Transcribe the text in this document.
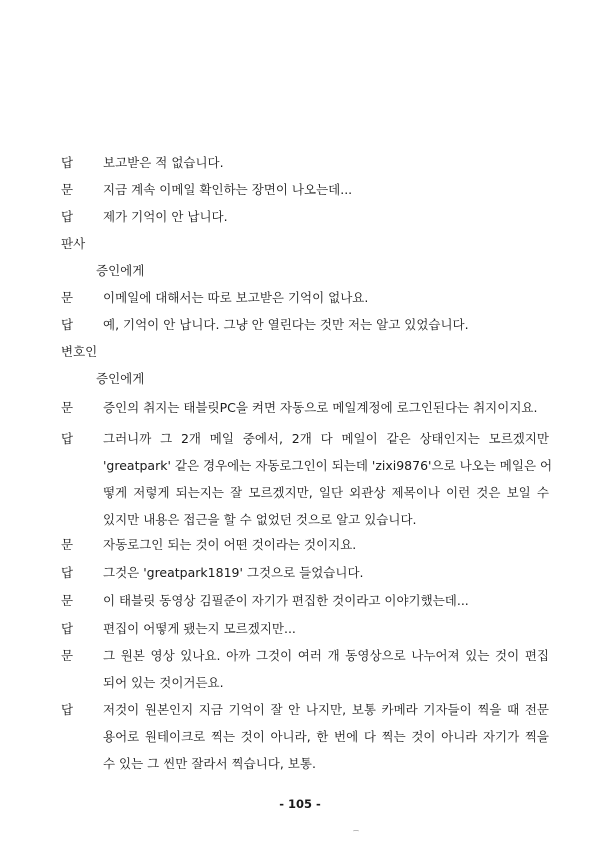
답 보고받은 적 없습니다.
문 지금 계속 이메일 확인하는 장면이 나오는데...
답 제가 기억이 안 납니다.
판사
증인에게
문 이메일에 대해서는 따로 보고받은 기억이 없나요.
답 예, 기억이 안 납니다. 그냥 안 열린다는 것만 저는 알고 있었습니다.
변호인
증인에게
문 증인의 취지는 태블릿PC을 켜면 자동으로 메일계정에 로그인된다는 취지이지요.
답 그러니까 그 2개 메일 중에서, 2개 다 메일이 같은 상태인지는 모르겠지만
'greatpark' 같은 경우에는 자동로그인이 되는데 'zixi9876'으로 나오는 메일은 어
떻게 저렇게 되는지는 잘 모르겠지만, 일단 외관상 제목이나 이런 것은 보일 수
있지만 내용은 접근을 할 수 없었던 것으로 알고 있습니다.
문 자동로그인 되는 것이 어떤 것이라는 것이지요.
답 그것은 'greatpark1819' 그것으로 들었습니다.
문 이 태블릿 동영상 김필준이 자기가 편집한 것이라고 이야기했는데...
답 편집이 어떻게 됐는지 모르겠지만...
문 그 원본 영상 있나요. 아까 그것이 여러 개 동영상으로 나누어져 있는 것이 편집
되어 있는 것이거든요.
답 저것이 원본인지 지금 기억이 잘 안 나지만, 보통 카메라 기자들이 찍을 때 전문
용어로 원테이크로 찍는 것이 아니라, 한 번에 다 찍는 것이 아니라 자기가 찍을
수 있는 그 씬만 잘라서 찍습니다, 보통.
- 105 -
